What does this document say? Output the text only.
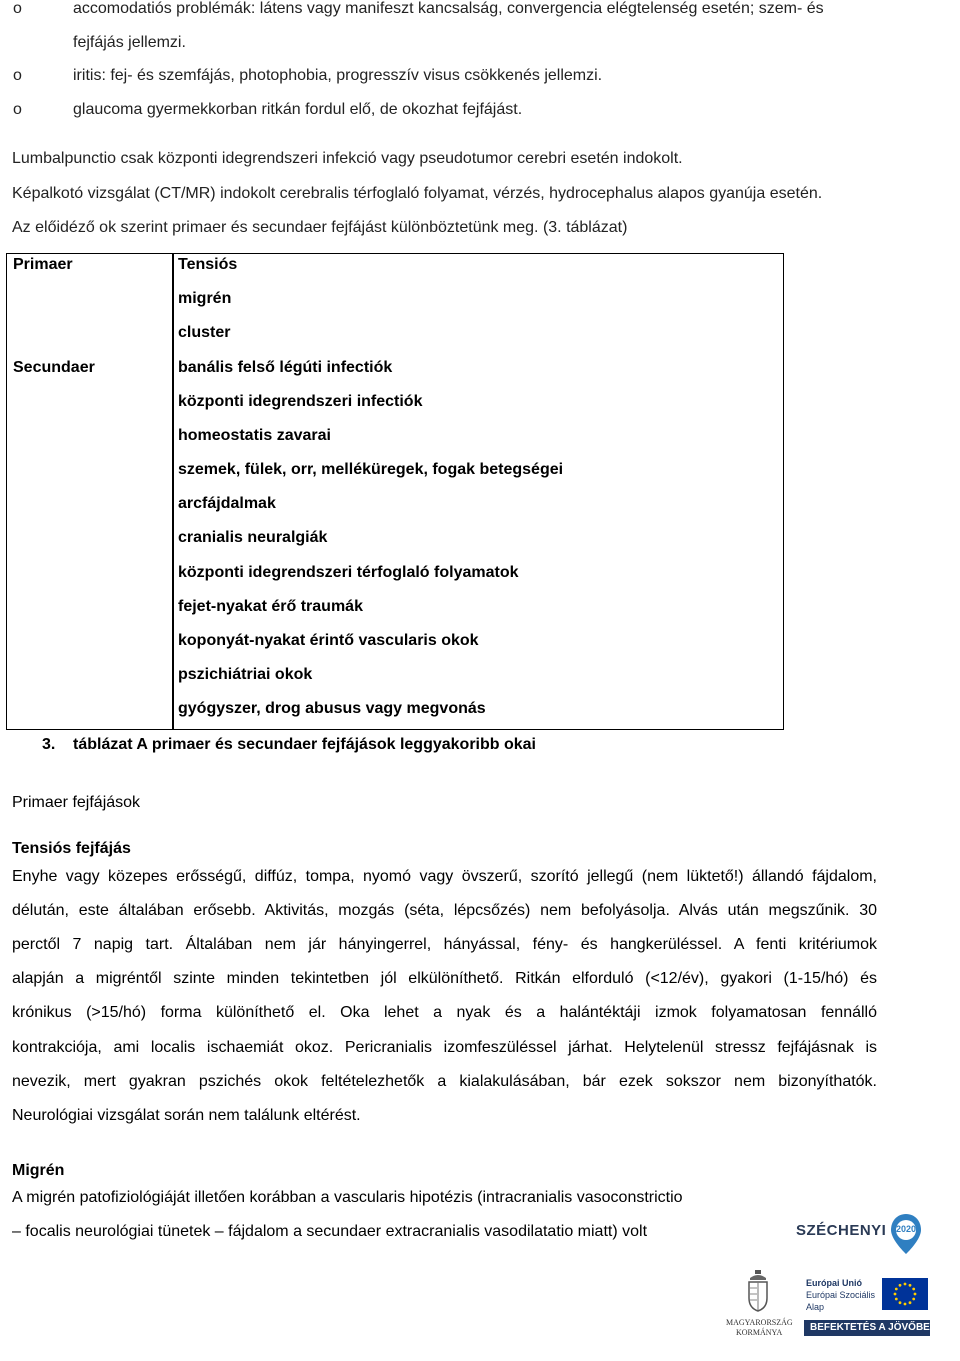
o	accomodatiós problémák: látens vagy manifeszt kancsalság, convergencia elégtelenség esetén; szem- és
fejfájás jellemzi.
o	iritis: fej- és szemfájás, photophobia, progresszív visus csökkenés jellemzi.
o	glaucoma gyermekkorban ritkán fordul elő, de okozhat fejfájást.
Lumbalpunctio csak központi idegrendszeri infekció vagy pseudotumor cerebri esetén indokolt.
Képalkotó vizsgálat (CT/MR) indokolt cerebralis térfoglaló folyamat, vérzés, hydrocephalus alapos gyanúja esetén.
Az előidéző ok szerint primaer és secundaer fejfájást különböztetünk meg. (3. táblázat)
Primaer	Tensiós
migrén
cluster
Secundaer	banális felső légúti infectiók
központi idegrendszeri infectiók
homeostatis zavarai
szemek, fülek, orr, melléküregek, fogak betegségei
arcfájdalmak
cranialis neuralgiák
központi idegrendszeri térfoglaló folyamatok
fejet-nyakat érő traumák
koponyát-nyakat érintő vascularis okok
pszichiátriai okok
gyógyszer, drog abusus vagy megvonás
3. táblázat A primaer és secundaer fejfájások leggyakoribb okai
Primaer fejfájások
Tensiós fejfájás
Enyhe vagy közepes erősségű, diffúz, tompa, nyomó vagy övszerű, szorító jellegű (nem lüktető!) állandó fájdalom,
délután, este általában erősebb. Aktivitás, mozgás (séta, lépcsőzés) nem befolyásolja. Alvás után megszűnik. 30
perctől 7 napig tart. Általában nem jár hányingerrel, hányással, fény- és hangkerüléssel. A fenti kritériumok
alapján a migréntől szinte minden tekintetben jól elkülöníthető. Ritkán elforduló (<12/év), gyakori (1-15/hó) és
krónikus (>15/hó) forma különíthető el. Oka lehet a nyak és a halántéktáji izmok folyamatosan fennálló
kontrakciója, ami localis ischaemiát okoz. Pericranialis izomfeszüléssel járhat. Helytelenül stressz fejfájásnak is
nevezik, mert gyakran pszichés okok feltételezhetők a kialakulásában, bár ezek sokszor nem bizonyíthatók.
Neurológiai vizsgálat során nem találunk eltérést.
Migrén
A migrén patofiziológiáját illetően korábban a vascularis hipotézis (intracranialis vasoconstrictio
– focalis neurológiai tünetek – fájdalom a secundaer extracranialis vasodilatatio miatt) volt	SZÉCHENYI 2020
MAGYARORSZÁG
KORMÁNYA
Európai Unió
Európai Szociális
Alap
BEFEKTETÉS A JÖVŐBE
